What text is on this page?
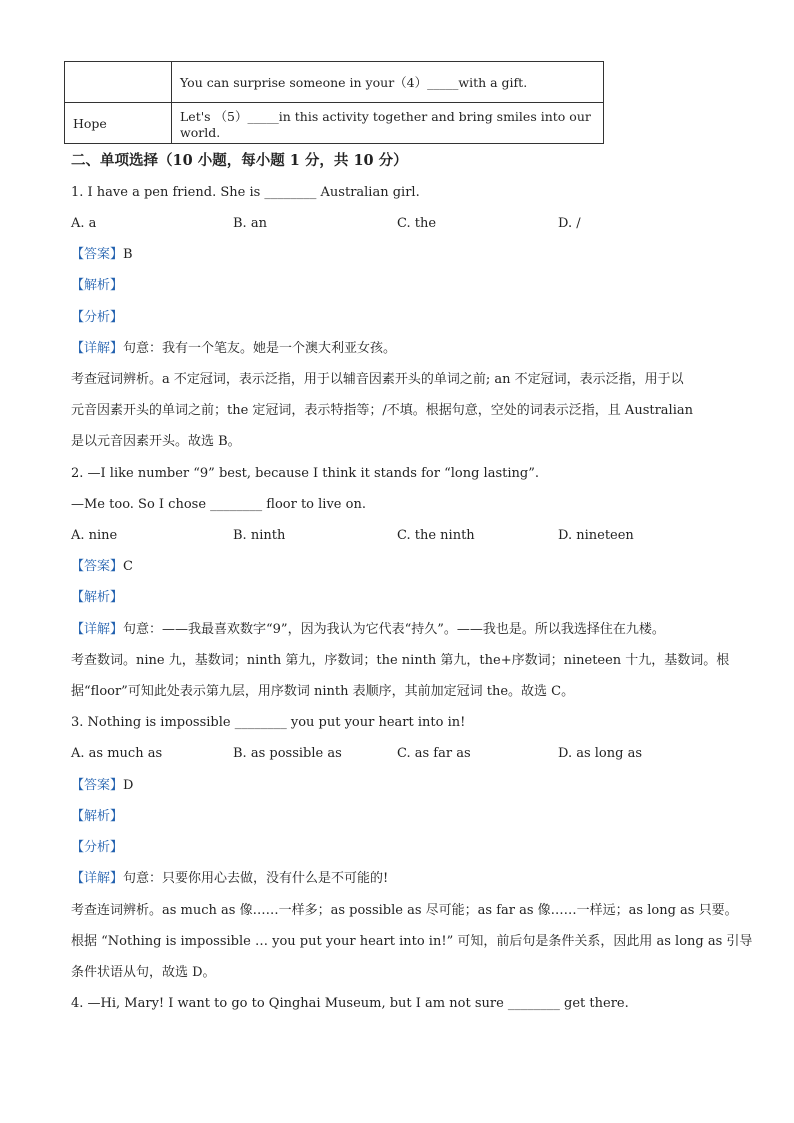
	You can surprise someone in your（4）_____with a gift.
Hope	Let's （5）_____in this activity together and bring smiles into our world.
二、单项选择（10 小题，每小题 1 分，共 10 分）
1. I have a pen friend. She is ________ Australian girl.
A. a	B. an	C. the	D. /
【答案】B
【解析】
【分析】
【详解】句意：我有一个笔友。她是一个澳大利亚女孩。
考查冠词辨析。a 不定冠词，表示泛指，用于以辅音因素开头的单词之前; an 不定冠词，表示泛指，用于以
元音因素开头的单词之前；the 定冠词，表示特指等；/不填。根据句意，空处的词表示泛指，且 Australian
是以元音因素开头。故选 B。
2. —I like number “9” best, because I think it stands for “long lasting”.
—Me too. So I chose ________ floor to live on.
A. nine	B. ninth	C. the ninth	D. nineteen
【答案】C
【解析】
【详解】句意：——我最喜欢数字“9”，因为我认为它代表“持久”。——我也是。所以我选择住在九楼。
考查数词。nine 九，基数词；ninth 第九，序数词；the ninth 第九，the+序数词；nineteen 十九，基数词。根
据“floor”可知此处表示第九层，用序数词 ninth 表顺序，其前加定冠词 the。故选 C。
3. Nothing is impossible ________ you put your heart into in!
A. as much as	B. as possible as	C. as far as	D. as long as
【答案】D
【解析】
【分析】
【详解】句意：只要你用心去做，没有什么是不可能的!
考查连词辨析。as much as 像……一样多；as possible as 尽可能；as far as 像……一样远；as long as 只要。
根据 “Nothing is impossible … you put your heart into in!” 可知，前后句是条件关系，因此用 as long as 引导
条件状语从句，故选 D。
4. —Hi, Mary! I want to go to Qinghai Museum, but I am not sure ________ get there.
